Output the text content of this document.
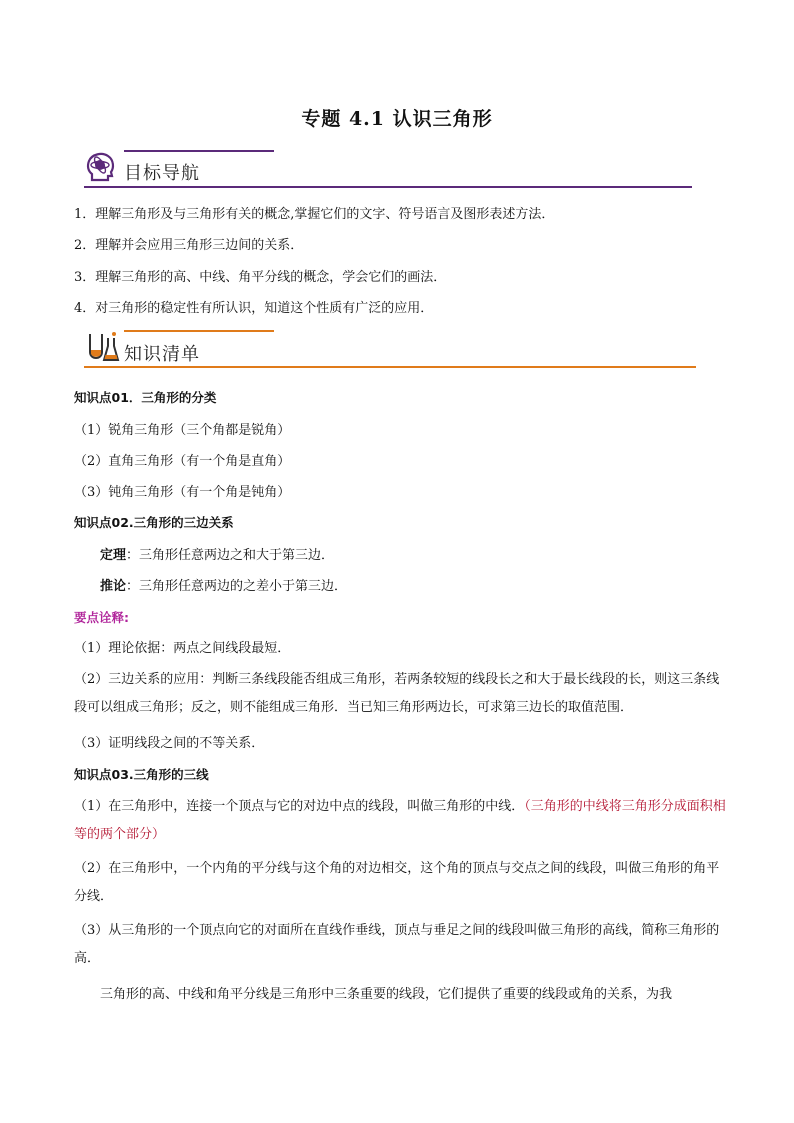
专题 4.1 认识三角形
目标导航
1．理解三角形及与三角形有关的概念,掌握它们的文字、符号语言及图形表述方法．
2．理解并会应用三角形三边间的关系．
3．理解三角形的高、中线、角平分线的概念，学会它们的画法．
4．对三角形的稳定性有所认识，知道这个性质有广泛的应用．
知识清单
知识点01．三角形的分类
（1）锐角三角形（三个角都是锐角）
（2）直角三角形（有一个角是直角）
（3）钝角三角形（有一个角是钝角）
知识点02.三角形的三边关系
定理：三角形任意两边之和大于第三边．
推论：三角形任意两边的之差小于第三边．
要点诠释:
（1）理论依据：两点之间线段最短．
（2）三边关系的应用：判断三条线段能否组成三角形，若两条较短的线段长之和大于最长线段的长，则这三条线段可以组成三角形；反之，则不能组成三角形．当已知三角形两边长，可求第三边长的取值范围．
（3）证明线段之间的不等关系．
知识点03.三角形的三线
（1）在三角形中，连接一个顶点与它的对边中点的线段，叫做三角形的中线．（三角形的中线将三角形分成面积相等的两个部分）
（2）在三角形中，一个内角的平分线与这个角的对边相交，这个角的顶点与交点之间的线段，叫做三角形的角平分线．
（3）从三角形的一个顶点向它的对面所在直线作垂线，顶点与垂足之间的线段叫做三角形的高线，简称三角形的高．
三角形的高、中线和角平分线是三角形中三条重要的线段，它们提供了重要的线段或角的关系，为我
